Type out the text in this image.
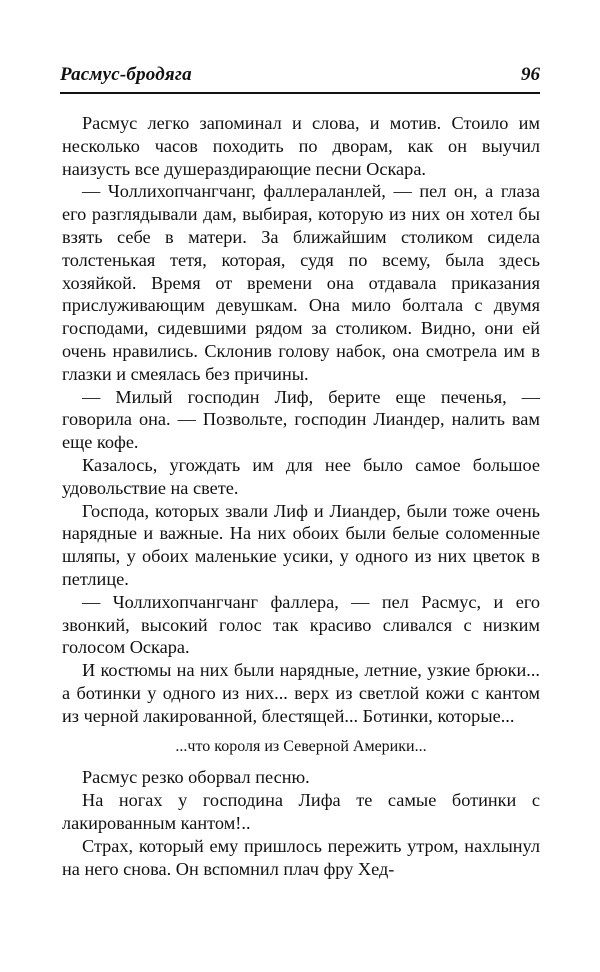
Расмус-бродяга	96

Расмус легко запоминал и слова, и мотив. Стоило им несколько часов походить по дворам, как он выучил наизусть все душераздирающие песни Оскара.

— Чоллихопчангчанг, фаллераланлей, — пел он, а глаза его разглядывали дам, выбирая, которую из них он хотел бы взять себе в матери. За ближайшим столиком сидела толстенькая тетя, которая, судя по всему, была здесь хозяйкой. Время от времени она отдавала приказания прислуживающим девушкам. Она мило болтала с двумя господами, сидевшими рядом за столиком. Видно, они ей очень нравились. Склонив голову набок, она смотрела им в глазки и смеялась без причины.

— Милый господин Лиф, берите еще печенья, — говорила она. — Позвольте, господин Лиандер, налить вам еще кофе.

Казалось, угождать им для нее было самое большое удовольствие на свете.

Господа, которых звали Лиф и Лиандер, были тоже очень нарядные и важные. На них обоих были белые соломенные шляпы, у обоих маленькие усики, у одного из них цветок в петлице.

— Чоллихопчангчанг фаллера, — пел Расмус, и его звонкий, высокий голос так красиво сливался с низким голосом Оскара.

И костюмы на них были нарядные, летние, узкие брюки... а ботинки у одного из них... верх из светлой кожи с кантом из черной лакированной, блестящей... Ботинки, которые...

...что короля из Северной Америки...

Расмус резко оборвал песню.

На ногах у господина Лифа те самые ботинки с лакированным кантом!..

Страх, который ему пришлось пережить утром, нахлынул на него снова. Он вспомнил плач фру Хед-
